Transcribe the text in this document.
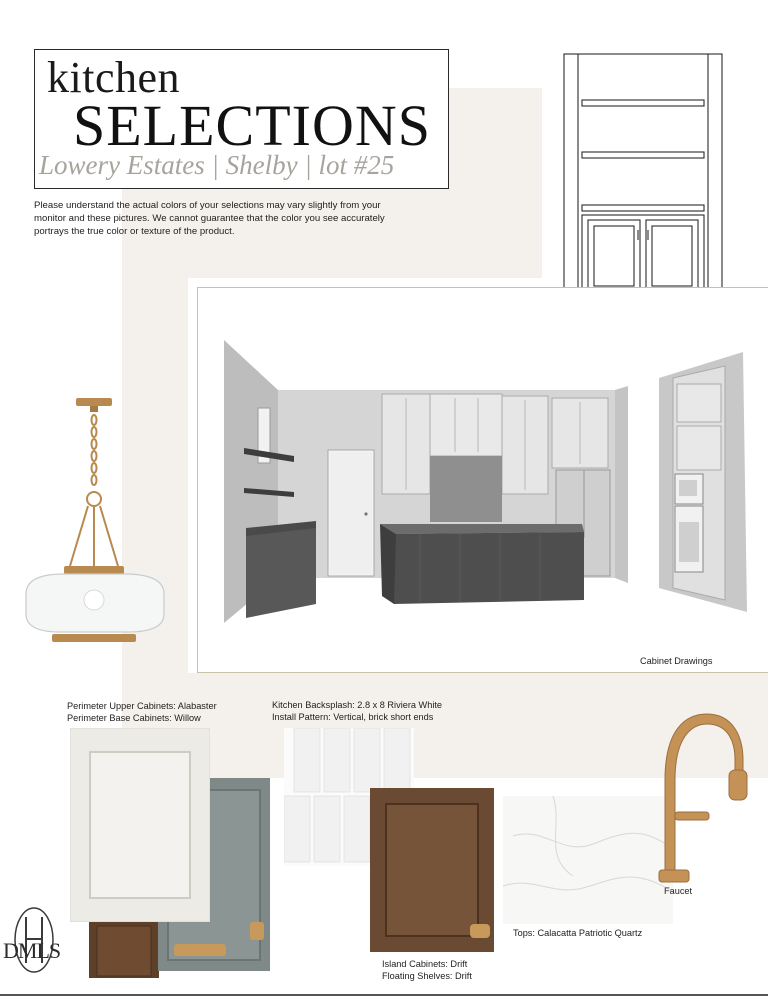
kitchen
SELECTIONS
Lowery Estates | Shelby | lot #25
Please understand the actual colors of your selections may vary slightly from your
monitor and these pictures. We cannot guarantee that the color you see accurately
portrays the true color or texture of the product.
Cabinet Drawings
Perimeter Upper Cabinets: Alabaster
Perimeter Base Cabinets: Willow
Kitchen Backsplash: 2.8 x 8 Riviera White
Install Pattern: Vertical, brick short ends
Island Cabinets: Drift
Floating Shelves: Drift
Tops: Calacatta Patriotic Quartz
Faucet
DMLS
